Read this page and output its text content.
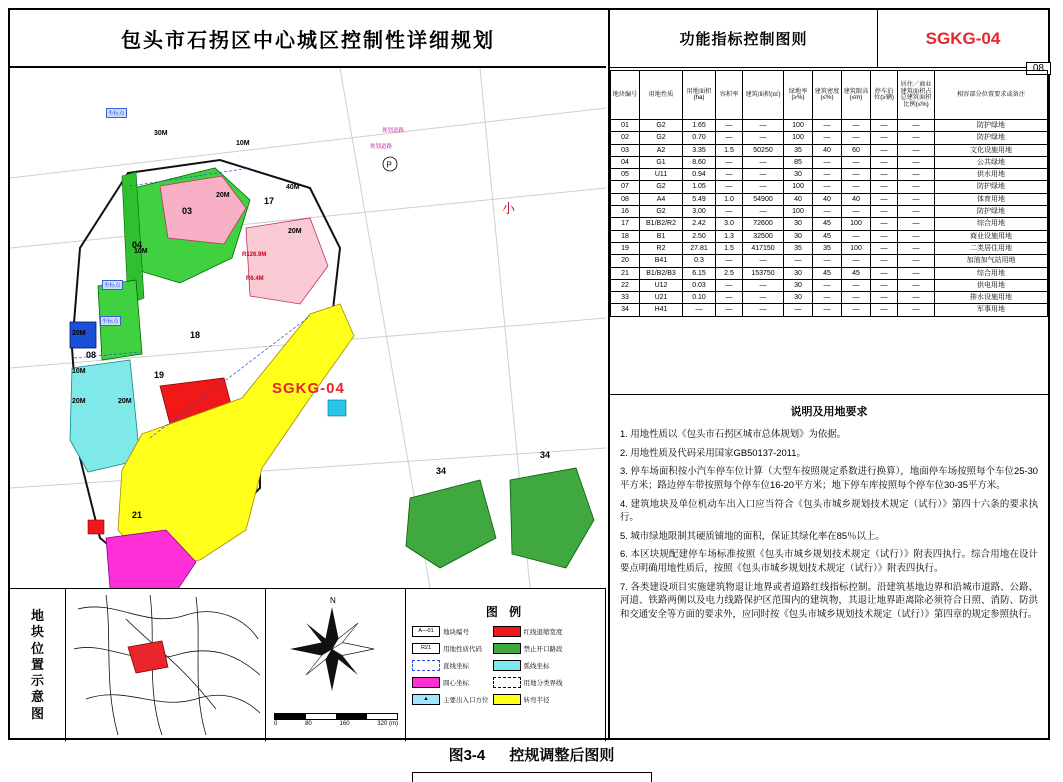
包头市石拐区中心城区控制性详细规划	功能指标控制图则	SGKG-04
08
地块编号	用地性质	用地面积(ha)	容积率	建筑面积(㎡)	绿地率(≥%)	建筑密度(≤%)	建筑限高(≤m)	停车泊位(≥辆)	居住／商业建筑面积占总建筑面积比例(≤%)	相容部分位置要求或备注
01	G2	1.65	—	—	100	—	—	—	—	防护绿地
02	G2	0.70	—	—	100	—	—	—	—	防护绿地
03	A2	3.35	1.5	50250	35	40	60	—	—	文化设施用地
04	G1	8.60	—	—	85	—	—	—	—	公共绿地
05	U11	0.94	—	—	30	—	—	—	—	供水用地
07	G2	1.05	—	—	100	—	—	—	—	防护绿地
08	A4	5.49	1.0	54900	40	40	40	—	—	体育用地
16	G2	3.00	—	—	100	—	—	—	—	防护绿地
17	B1/B2/R2	2.42	3.0	72600	30	45	100	—	—	综合用地
18	B1	2.50	1.3	32500	30	45	—	—	—	商业设施用地
19	R2	27.81	1.5	417150	35	35	100	—	—	二类居住用地
20	B41	0.3	—	—	—	—	—	—	—	加油加气站用地
21	B1/B2/B3	6.15	2.5	153750	30	45	45	—	—	综合用地
22	U12	0.03	—	—	30	—	—	—	—	供电用地
33	U21	0.10	—	—	30	—	—	—	—	排水设施用地
34	H41	—	—	—	—	—	—	—	—	军事用地
说明及用地要求

1. 用地性质以《包头市石拐区城市总体规划》为依据。

2. 用地性质及代码采用国家GB50137-2011。

3. 停车场面积按小汽车停车位计算（大型车按照规定系数进行换算），地面停车场按照每个车位25-30平方米；路边停车带按照每个停车位16-20平方米；地下停车库按照每个停车位30-35平方米。

4. 建筑地块及单位机动车出入口应当符合《包头市城乡规划技术规定（试行）》第四十六条的要求执行。

5. 城市绿地限制其硬质铺地的面积，保证其绿化率在85％以上。

6. 本区块规配建停车场标准按照《包头市城乡规划技术规定（试行）》附表四执行。综合用地在设计要点明确用地性质后，按照《包头市城乡规划技术规定（试行）》附表四执行。

7. 各类建设项目实施建筑物退让地界或者道路红线指标控制。沿建筑基地边界和沿城市道路、公路、河道、铁路两侧以及电力线路保护区范围内的建筑物，其退让地界距离除必须符合日照、消防、防洪和交通安全等方面的要求外，应同时按《包头市城乡规划技术规定（试行）》第四章的规定参照执行。

P
03
04
17
08
18
19
21
34
34
SGKG-04
R126.9M
R6.4M
小
30M
20M
20M
40M
20M
20M	20M
10M
10M
10M
坐标点
坐标点
坐标点
规划道路
规划道路
地块位置示意图
N
0	80	160	320 (m)
图 例
A—01	地块编号
R21	用地性质代码
直线坐标
圆心坐标
▲	主要出入口方位
红线退缩宽度
禁止开口路段
弧线坐标
用地分类界线
转弯半径
图3-4 控规调整后图则
